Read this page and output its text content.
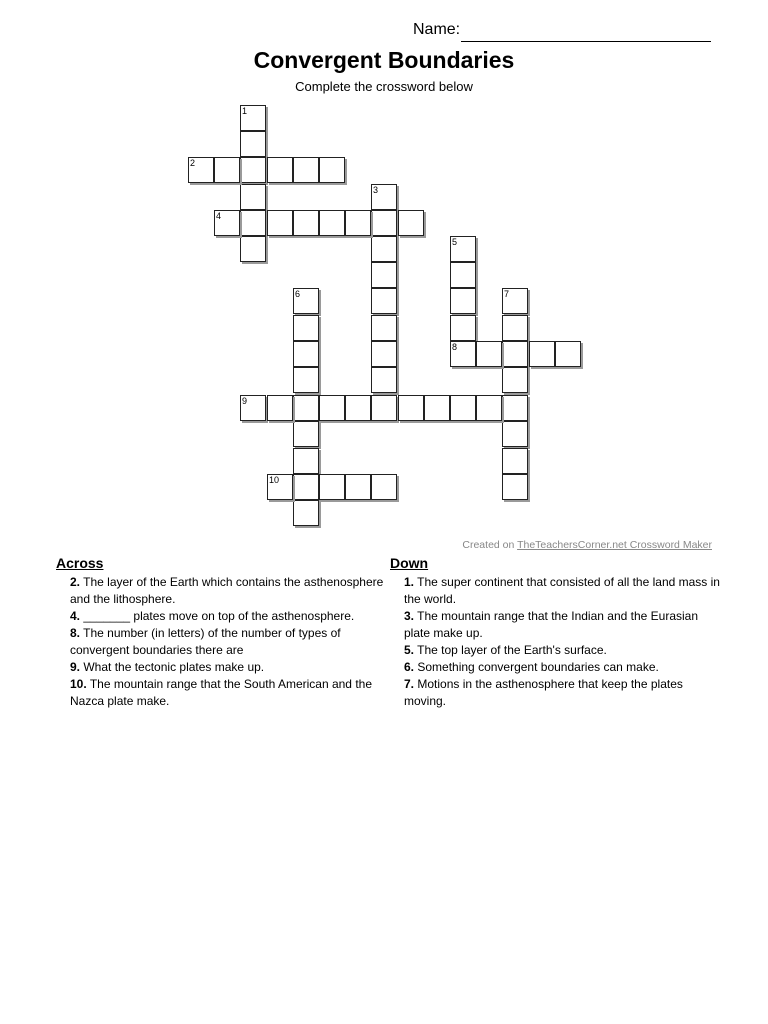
Name:
Convergent Boundaries
Complete the crossword below
1
2
3
4
5
8
6	7
9
10
Created on TheTeachersCorner.net Crossword Maker
Across
2. The layer of the Earth which contains the asthenosphere and the lithosphere.
4. _______ plates move on top of the asthenosphere.
8. The number (in letters) of the number of types of convergent boundaries there are
9. What the tectonic plates make up.
10. The mountain range that the South American and the Nazca plate make.
Down
1. The super continent that consisted of all the land mass in the world.
3. The mountain range that the Indian and the Eurasian plate make up.
5. The top layer of the Earth's surface.
6. Something convergent boundaries can make.
7. Motions in the asthenosphere that keep the plates moving.
